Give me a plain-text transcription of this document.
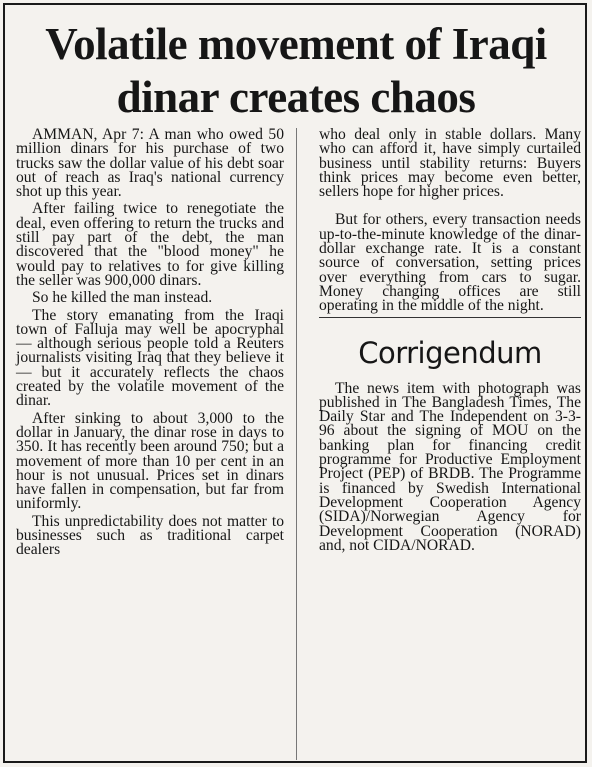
Volatile movement of Iraqi
dinar creates chaos

AMMAN, Apr 7: A man who owed 50 million dinars for his purchase of two trucks saw the dollar value of his debt soar out of reach as Iraq's national currency shot up this year.

After failing twice to renegotiate the deal, even offering to return the trucks and still pay part of the debt, the man discovered that the "blood money" he would pay to relatives to for give killing the seller was 900,000 dinars.

So he killed the man instead.

The story emanating from the Iraqi town of Falluja may well be apocryphal — although serious people told a Reuters journalists visiting Iraq that they believe it — but it accurately reflects the chaos created by the volatile movement of the dinar.

After sinking to about 3,000 to the dollar in January, the dinar rose in days to 350. It has recently been around 750; but a movement of more than 10 per cent in an hour is not unusual. Prices set in dinars have fallen in compensation, but far from uniformly.

This unpredictability does not matter to businesses such as traditional carpet dealers

who deal only in stable dollars. Many who can afford it, have simply curtailed business until stability returns: Buyers think prices may become even better, sellers hope for higher prices.

But for others, every transaction needs up-to-the-minute knowledge of the dinar- dollar exchange rate. It is a constant source of conversation, setting prices over everything from cars to sugar. Money changing offices are still operating in the middle of the night.

Corrigendum

The news item with photograph was published in The Bangladesh Times, The Daily Star and The Independent on 3-3-96 about the signing of MOU on the banking plan for financing credit programme for Productive Employment Project (PEP) of BRDB. The Programme is financed by Swedish International Development Cooperation Agency (SIDA)/Norwegian Agency for Development Cooperation (NORAD) and, not CIDA/NORAD.
